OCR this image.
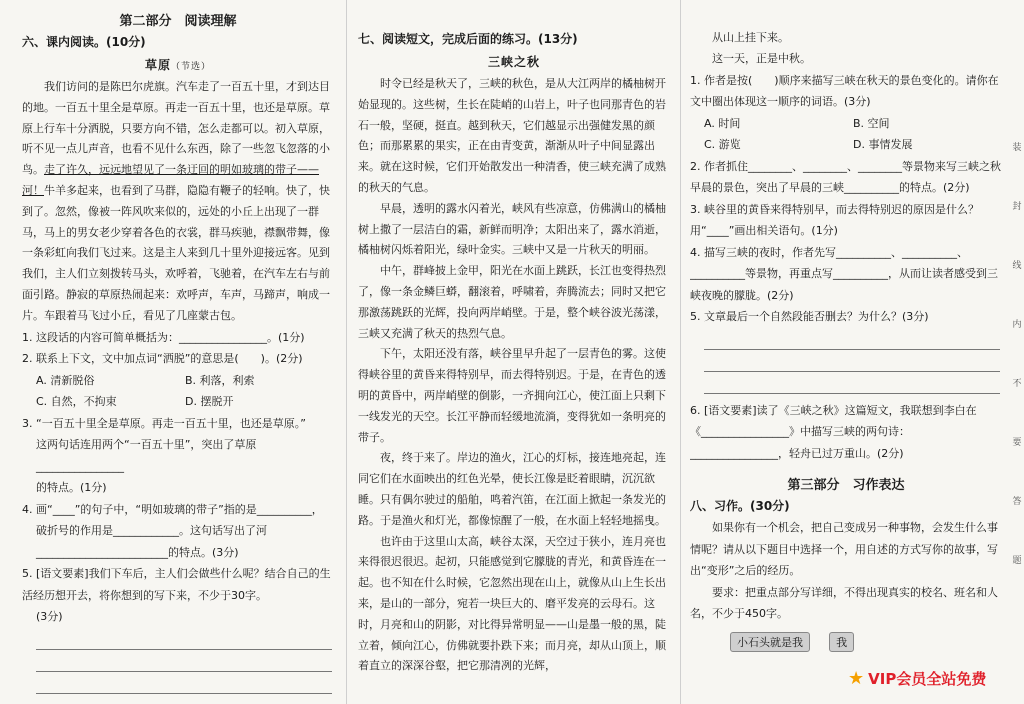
第二部分　阅读理解
六、课内阅读。(10分)
草原（节选）

我们访问的是陈巴尔虎旗。汽车走了一百五十里，才到达目的地。一百五十里全是草原。再走一百五十里，也还是草原。草原上行车十分洒脱，只要方向不错，怎么走都可以。初入草原，听不见一点儿声音，也看不见什么东西，除了一些忽飞忽落的小鸟。走了许久，远远地望见了一条迂回的明如玻璃的带子——河！牛羊多起来，也看到了马群，隐隐有鞭子的轻响。快了，快到了。忽然，像被一阵风吹来似的，远处的小丘上出现了一群马，马上的男女老少穿着各色的衣裳，群马疾驰，襟飘带舞，像一条彩虹向我们飞过来。这是主人来到几十里外迎接远客。见到我们，主人们立刻拨转马头，欢呼着，飞驰着，在汽车左右与前面引路。静寂的草原热闹起来：欢呼声，车声，马蹄声，响成一片。车跟着马飞过小丘，看见了几座蒙古包。

1. 这段话的内容可简单概括为：________________。(1分)
2. 联系上下文，文中加点词“洒脱”的意思是(　　)。(2分)
A. 清新脱俗	B. 利落，利索
C. 自然，不拘束	D. 摆脱开
3. “一百五十里全是草原。再走一百五十里，也还是草原。”
这两句话连用两个“一百五十里”，突出了草原________________
的特点。(1分)
4. 画“____”的句子中，“明如玻璃的带子”指的是__________，
破折号的作用是____________。这句话写出了河
________________________的特点。(3分)
5. [语文要素]我们下车后，主人们会做些什么呢？结合自己的生活经历想开去，将你想到的写下来，不少于30字。
(3分)
七、阅读短文，完成后面的练习。(13分)
三峡之秋

时令已经是秋天了，三峡的秋色，是从大江两岸的橘柚树开始显现的。这些树，生长在陡峭的山岩上，叶子也同那青色的岩石一般，坚硬，挺直。越到秋天，它们越显示出强健发黑的颜色；而那累累的果实，正在由青变黄，渐渐从叶子中间显露出来。就在这时候，它们开始散发出一种清香，使三峡充满了成熟的秋天的气息。

早晨，透明的露水闪着光，峡风有些凉意，仿佛满山的橘柚树上撒了一层洁白的霜，新鲜而明净；太阳出来了，露水消逝，橘柚树闪烁着阳光，绿叶金实。三峡中又是一片秋天的明丽。

中午，群峰披上金甲，阳光在水面上跳跃，长江也变得热烈了，像一条金鳞巨蟒，翻滚着，呼啸着，奔腾流去；同时又把它那激荡跳跃的光辉，投向两岸峭壁。于是，整个峡谷波光荡漾，三峡又充满了秋天的热烈气息。

下午，太阳还没有落，峡谷里早升起了一层青色的雾。这使得峡谷里的黄昏来得特别早，而去得特别迟。于是，在青色的透明的黄昏中，两岸峭壁的倒影，一齐拥向江心，使江面上只剩下一线发光的天空。长江平静而轻缓地流淌，变得犹如一条明亮的带子。

夜，终于来了。岸边的渔火，江心的灯标，接连地亮起，连同它们在水面映出的红色光晕，使长江像是眨着眼睛，沉沉欲睡。只有偶尔驶过的船舶，鸣着汽笛，在江面上掀起一条发光的路。于是渔火和灯光，都像惊醒了一般，在水面上轻轻地摇曳。

也许由于这里山太高，峡谷太深，天空过于狭小，连月亮也来得很迟很迟。起初，只能感觉到它朦胧的青光，和黄昏连在一起。也不知在什么时候，它忽然出现在山上，就像从山上生长出来，是山的一部分，宛若一块巨大的、磨平发亮的云母石。这时，月亮和山的阴影，对比得异常明显——山是墨一般的黑，陡立着，倾向江心，仿佛就要扑跌下来；而月亮，却从山顶上，顺着直立的深深谷壑，把它那清冽的光辉，

从山上挂下来。

这一天，正是中秋。

1. 作者是按(　　)顺序来描写三峡在秋天的景色变化的。请你在文中圈出体现这一顺序的词语。(3分)
A. 时间	B. 空间
C. 游览	D. 事情发展
2. 作者抓住________、________、________等景物来写三峡之秋早晨的景色，突出了早晨的三峡__________的特点。(2分)
3. 峡谷里的黄昏来得特别早，而去得特别迟的原因是什么？用“____”画出相关语句。(1分)
4. 描写三峡的夜时，作者先写__________、__________、__________等景物，再重点写__________，从而让读者感受到三峡夜晚的朦胧。(2分)
5. 文章最后一个自然段能否删去？为什么？(3分)
6. [语文要素]读了《三峡之秋》这篇短文，我联想到李白在《________________》中描写三峡的两句诗：________________，轻舟已过万重山。(2分)
第三部分　习作表达
八、习作。(30分)

如果你有一个机会，把自己变成另一种事物，会发生什么事情呢？请从以下题目中选择一个，用自述的方式写你的故事，写出“变形”之后的经历。

要求：把重点部分写详细，不得出现真实的校名、班名和人名，不少于450字。

小石头就是我	我
装
封
线
内
不
要
答
题
★ VIP会员全站免费
